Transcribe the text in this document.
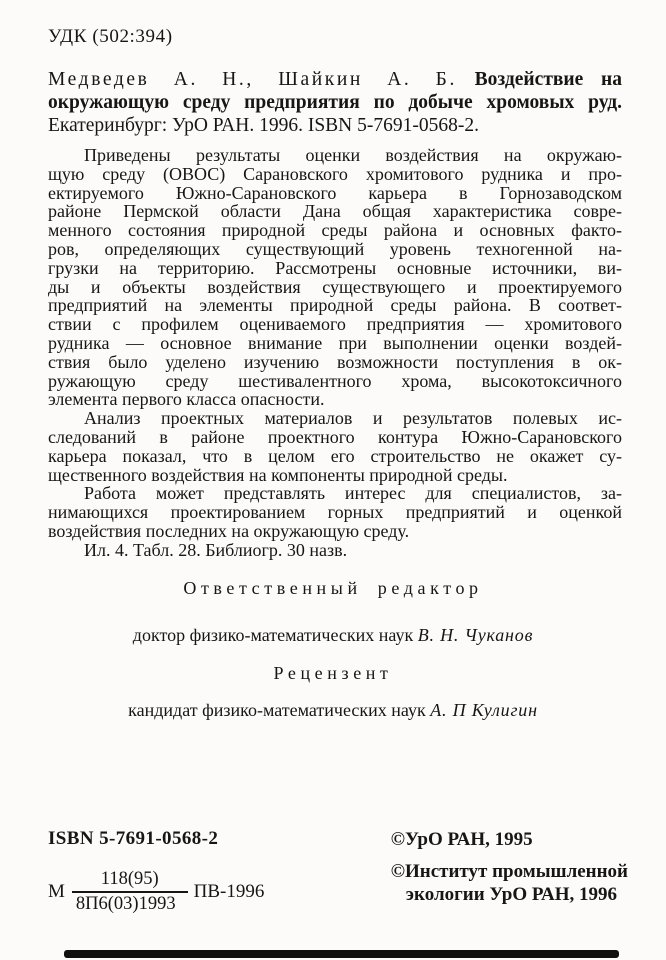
УДК (502:394)
Медведев А. Н., Шайкин А. Б. Воздействие на
окружающую среду предприятия по добыче хромовых руд.
Екатеринбург: УрО РАН. 1996. ISBN 5-7691-0568-2.
Приведены результаты оценки воздействия на окружаю-
щую среду (ОВОС) Сарановского хромитового рудника и про-
ектируемого Южно-Сарановского карьера в Горнозаводском
районе Пермской области Дана общая характеристика совре-
менного состояния природной среды района и основных факто-
ров, определяющих существующий уровень техногенной на-
грузки на территорию. Рассмотрены основные источники, ви-
ды и объекты воздействия существующего и проектируемого
предприятий на элементы природной среды района. В соответ-
ствии с профилем оцениваемого предприятия — хромитового
рудника — основное внимание при выполнении оценки воздей-
ствия было уделено изучению возможности поступления в ок-
ружающую среду шестивалентного хрома, высокотоксичного
элемента первого класса опасности.
Анализ проектных материалов и результатов полевых ис-
следований в районе проектного контура Южно-Сарановского
карьера показал, что в целом его строительство не окажет су-
щественного воздействия на компоненты природной среды.
Работа может представлять интерес для специалистов, за-
нимающихся проектированием горных предприятий и оценкой
воздействия последних на окружающую среду.
Ил. 4. Табл. 28. Библиогр. 30 назв.
Ответственный редактор
доктор физико-математических наук В. Н. Чуканов
Рецензент
кандидат физико-математических наук А. П Кулигин
ISBN 5-7691-0568-2
М $\frac{118(95)}{8П6(03)1993} ПВ-1996$
©УрО РАН, 1995
©Институт промышленной
экологии УрО РАН, 1996
